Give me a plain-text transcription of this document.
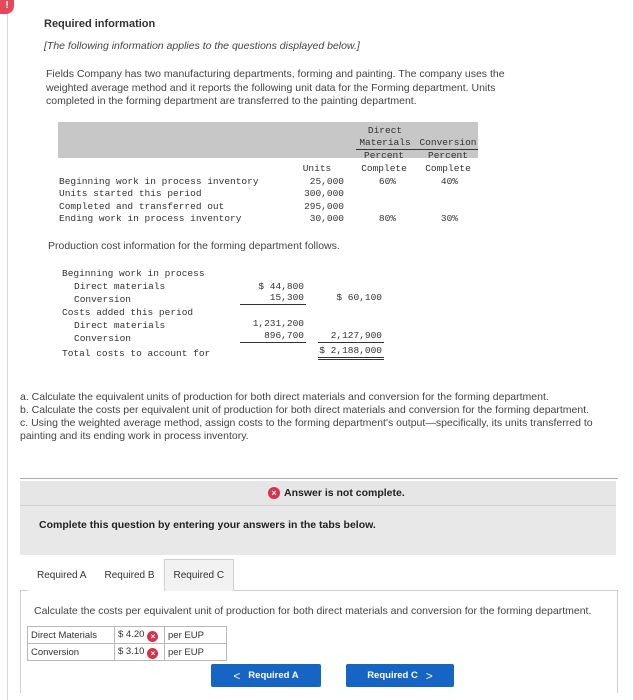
!
Required information
[The following information applies to the questions displayed below.]
Fields Company has two manufacturing departments, forming and painting. The company uses the weighted average method and it reports the following unit data for the Forming department. Units completed in the forming department are transferred to the painting department.
Direct
Materials Conversion
Percent	Percent
Units	Complete	Complete
Beginning work in process inventory	25,000	60%	40%
Units started this period	300,000
Completed and transferred out	295,000
Ending work in process inventory	30,000	80%	30%
Production cost information for the forming department follows.
Beginning work in process
Direct materials	$ 44,800
Conversion	15,300	$ 60,100
Costs added this period
Direct materials	1,231,200
Conversion	896,700	2,127,900
Total costs to account for	$ 2,188,000
a. Calculate the equivalent units of production for both direct materials and conversion for the forming department.
b. Calculate the costs per equivalent unit of production for both direct materials and conversion for the forming department.
c. Using the weighted average method, assign costs to the forming department's output—specifically, its units transferred to painting and its ending work in process inventory.
× Answer is not complete.
Complete this question by entering your answers in the tabs below.
Required A	Required B	Required C
Calculate the costs per equivalent unit of production for both direct materials and conversion for the forming department.
Direct Materials	$ 4.20 ×	per EUP
Conversion	$ 3.10 ×	per EUP
<
Required A	Required C
>
